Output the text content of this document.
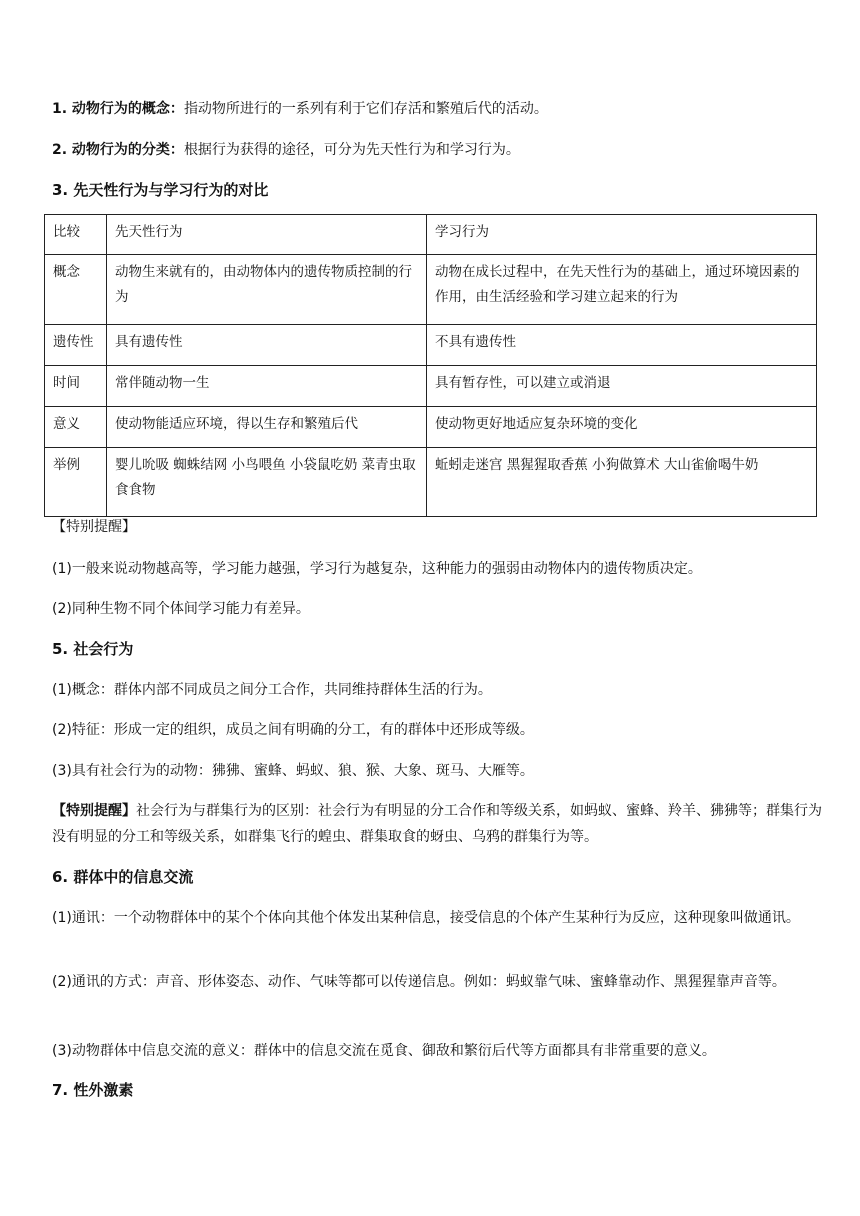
1. 动物行为的概念：指动物所进行的一系列有利于它们存活和繁殖后代的活动。
2. 动物行为的分类：根据行为获得的途径，可分为先天性行为和学习行为。
3. 先天性行为与学习行为的对比
比较	先天性行为	学习行为
概念	动物生来就有的，由动物体内的遗传物质控制的行为	动物在成长过程中，在先天性行为的基础上，通过环境因素的作用，由生活经验和学习建立起来的行为
遗传性	具有遗传性	不具有遗传性
时间	常伴随动物一生	具有暂存性，可以建立或消退
意义	使动物能适应环境，得以生存和繁殖后代	使动物更好地适应复杂环境的变化
举例	婴儿吮吸 蜘蛛结网 小鸟喂鱼 小袋鼠吃奶 菜青虫取食食物	蚯蚓走迷宫 黑猩猩取香蕉 小狗做算术 大山雀偷喝牛奶
【特别提醒】
(1)一般来说动物越高等，学习能力越强，学习行为越复杂，这种能力的强弱由动物体内的遗传物质决定。
(2)同种生物不同个体间学习能力有差异。
5. 社会行为
(1)概念：群体内部不同成员之间分工合作，共同维持群体生活的行为。
(2)特征：形成一定的组织，成员之间有明确的分工，有的群体中还形成等级。
(3)具有社会行为的动物：狒狒、蜜蜂、蚂蚁、狼、猴、大象、斑马、大雁等。
【特别提醒】社会行为与群集行为的区别：社会行为有明显的分工合作和等级关系，如蚂蚁、蜜蜂、羚羊、狒狒等；群集行为没有明显的分工和等级关系，如群集飞行的蝗虫、群集取食的蚜虫、乌鸦的群集行为等。
6. 群体中的信息交流
(1)通讯：一个动物群体中的某个个体向其他个体发出某种信息，接受信息的个体产生某种行为反应，这种现象叫做通讯。
(2)通讯的方式：声音、形体姿态、动作、气味等都可以传递信息。例如：蚂蚁靠气味、蜜蜂靠动作、黑猩猩靠声音等。
(3)动物群体中信息交流的意义：群体中的信息交流在觅食、御敌和繁衍后代等方面都具有非常重要的意义。
7. 性外激素
